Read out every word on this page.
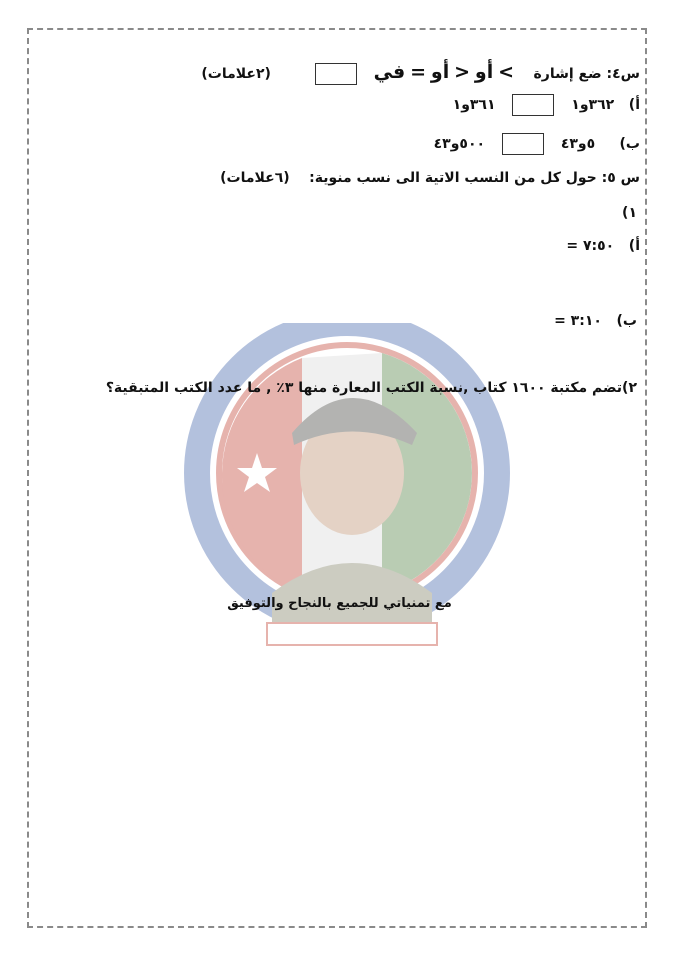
س٤: ضع إشارة    > أو < أو = في   (٢علامات)
أ)   ٣٦٢و١  ٣٦١و١
ب)     ٥و٤٣  ٥٠٠و٤٣
س ٥: حول كل من النسب الاتية الى نسب منوية:    (٦علامات)
١)
أ)   ٧:٥٠ =
ب)   ٣:١٠ =
٢)تضم مكتبة ١٦٠٠ كتاب ,نسبة الكتب المعارة منها ٣٪ , ما عدد الكتب المتبقية؟
مع تمنياتي للجميع بالنجاح والتوفيق
